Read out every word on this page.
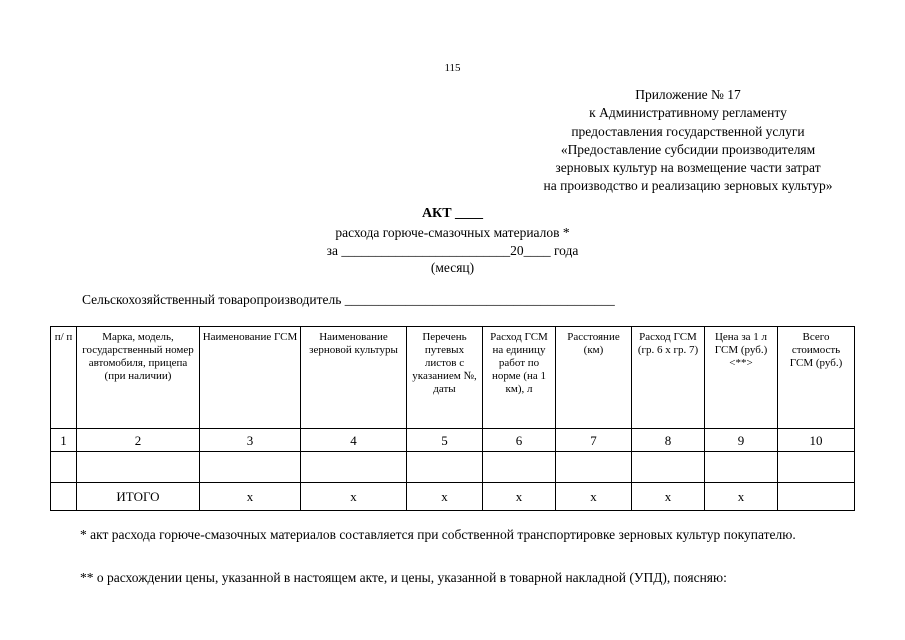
115
Приложение № 17
к Административному регламенту
предоставления государственной услуги
«Предоставление субсидии производителям
зерновых культур на возмещение части затрат
на производство и реализацию зерновых культур»
АКТ ____
расхода горюче-смазочных материалов *
за _________________________20____ года
(месяц)
Сельскохозяйственный товаропроизводитель ________________________________________
п/ п	Марка, модель, государственный номер автомобиля, прицепа (при наличии)	Наименование ГСМ	Наименование зерновой культуры	Перечень путевых листов с указанием №, даты	Расход ГСМ на единицу работ по норме (на 1 км), л	Расстояние (км)	Расход ГСМ (гр. 6 х гр. 7)	Цена за 1 л ГСМ (руб.) <**>	Всего стоимость ГСМ (руб.)
1	2	3	4	5	6	7	8	9	10

	ИТОГО	х	х	х	х	х	х	х	
* акт расхода горюче-смазочных материалов составляется при собственной транспортировке зерновых культур покупателю.
** о расхождении цены, указанной в настоящем акте, и цены, указанной в товарной накладной (УПД), поясняю:
